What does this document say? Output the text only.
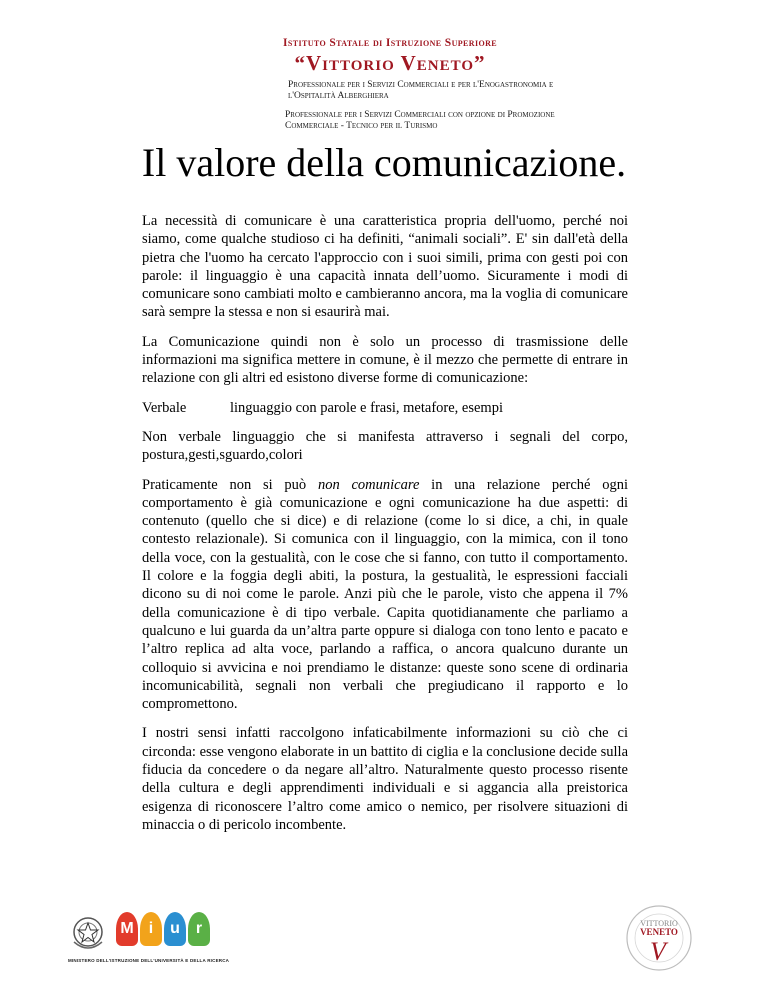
Istituto Statale di Istruzione Superiore
“Vittorio Veneto”
Professionale per i Servizi Commerciali e per l'Enogastronomia e l'Ospitalità Alberghiera
Professionale per i Servizi Commerciali con opzione di Promozione Commerciale - Tecnico per il Turismo
Il valore della comunicazione.

La necessità di comunicare è una caratteristica propria dell'uomo, perché noi siamo, come qualche studioso ci ha definiti, “animali sociali”. E' sin dall'età della pietra che l'uomo ha cercato l'approccio con i suoi simili, prima con gesti poi con parole: il linguaggio è una capacità innata dell’uomo. Sicuramente i modi di comunicare sono cambiati molto e cambieranno ancora, ma la voglia di comunicare sarà sempre la stessa e non si esaurirà mai.

La Comunicazione quindi non è solo un processo di trasmissione delle informazioni ma significa mettere in comune, è il mezzo che permette di entrare in relazione con gli altri ed esistono diverse forme di comunicazione:

Verbale	linguaggio con parole e frasi, metafore, esempi

Non verbale linguaggio che si manifesta attraverso i segnali del corpo, postura,gesti,sguardo,colori

Praticamente non si può non comunicare in una relazione perché ogni comportamento è già comunicazione e ogni comunicazione ha due aspetti: di contenuto (quello che si dice) e di relazione (come lo si dice, a chi, in quale contesto relazionale). Si comunica con il linguaggio, con la mimica, con il tono della voce, con la gestualità, con le cose che si fanno, con tutto il comportamento. Il colore e la foggia degli abiti, la postura, la gestualità, le espressioni facciali dicono su di noi come le parole. Anzi più che le parole, visto che appena il 7% della comunicazione è di tipo verbale. Capita quotidianamente che parliamo a qualcuno e lui guarda da un’altra parte oppure si dialoga con tono lento e pacato e l’altro replica ad alta voce, parlando a raffica, o ancora qualcuno durante un colloquio si avvicina e noi prendiamo le distanze: queste sono scene di ordinaria incomunicabilità, segnali non verbali che pregiudicano il rapporto e lo compromettono.

I nostri sensi infatti raccolgono infaticabilmente informazioni su ciò che ci circonda: esse vengono elaborate in un battito di ciglia e la conclusione decide sulla fiducia da concedere o da negare all’altro. Naturalmente questo processo risente della cultura e degli apprendimenti individuali e si aggancia alla preistorica esigenza di riconoscere l’altro come amico o nemico, per risolvere situazioni di minaccia o di pericolo incombente.

M i	u r
MINISTERO DELL'ISTRUZIONE DELL'UNIVERSITÀ E DELLA RICERCA
VITTORIO
VENETO
V
